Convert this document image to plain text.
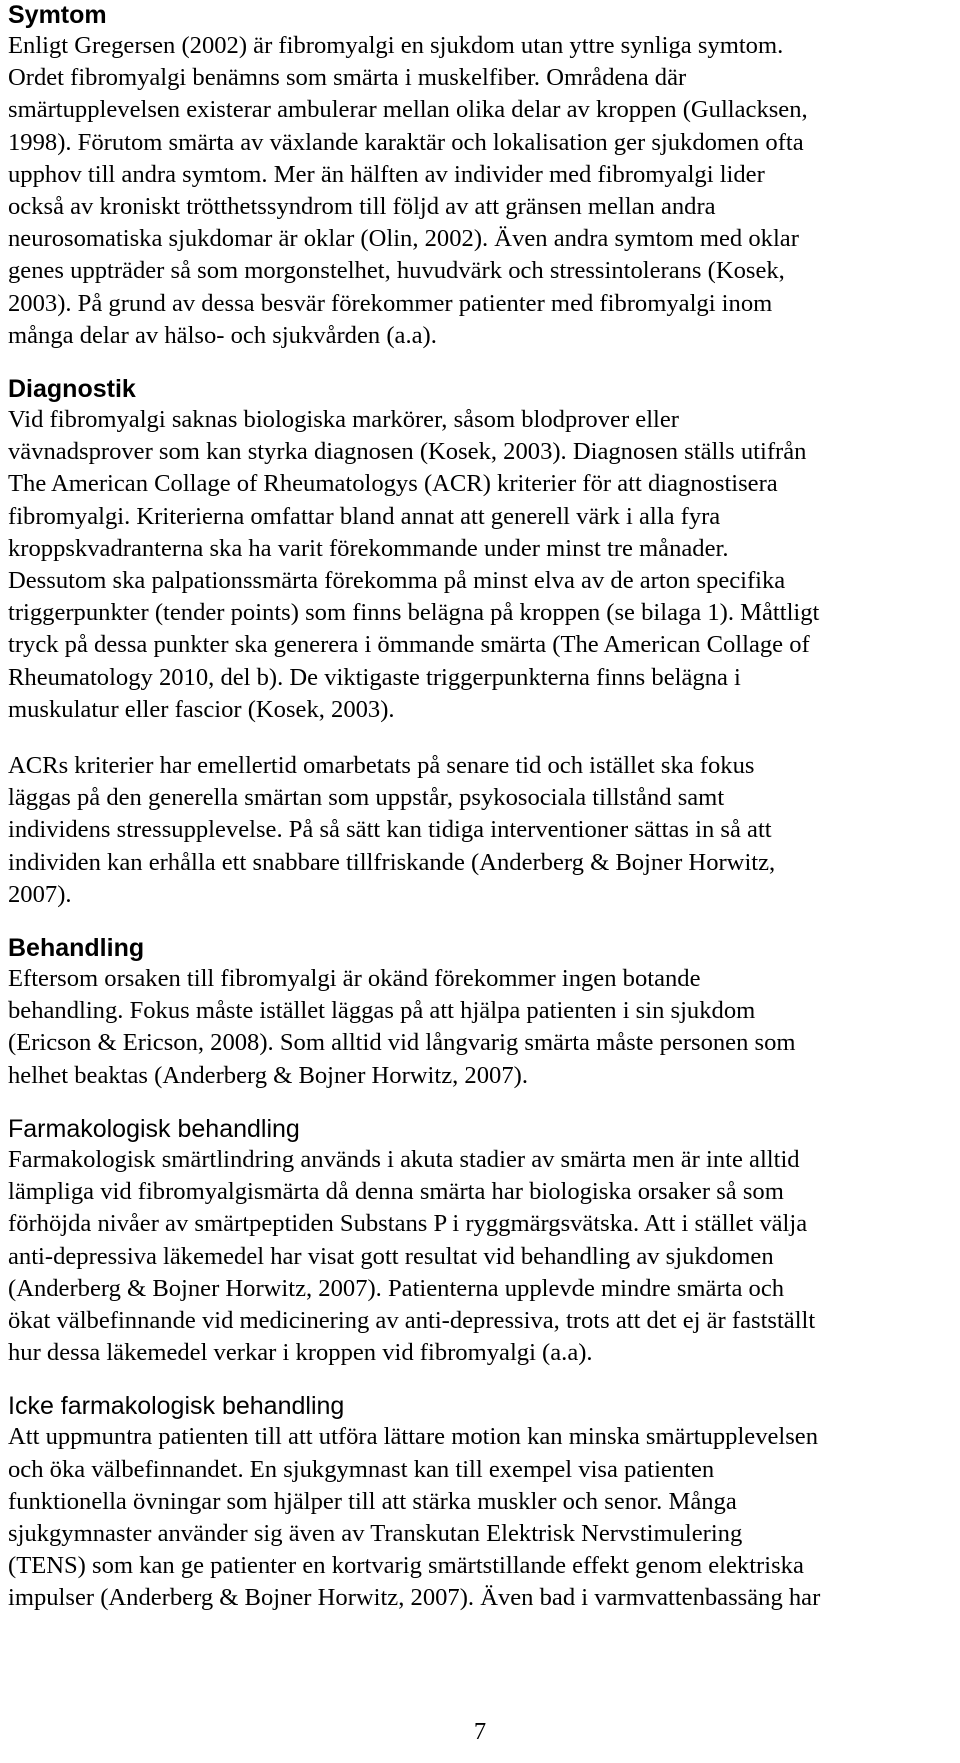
Symtom

Enligt Gregersen (2002) är fibromyalgi en sjukdom utan yttre synliga symtom.
Ordet fibromyalgi benämns som smärta i muskelfiber. Områdena där
smärtupplevelsen existerar ambulerar mellan olika delar av kroppen (Gullacksen,
1998). Förutom smärta av växlande karaktär och lokalisation ger sjukdomen ofta
upphov till andra symtom. Mer än hälften av individer med fibromyalgi lider
också av kroniskt trötthetssyndrom till följd av att gränsen mellan andra
neurosomatiska sjukdomar är oklar (Olin, 2002). Även andra symtom med oklar
genes uppträder så som morgonstelhet, huvudvärk och stressintolerans (Kosek,
2003). På grund av dessa besvär förekommer patienter med fibromyalgi inom
många delar av hälso- och sjukvården (a.a).

Diagnostik

Vid fibromyalgi saknas biologiska markörer, såsom blodprover eller
vävnadsprover som kan styrka diagnosen (Kosek, 2003). Diagnosen ställs utifrån
The American Collage of Rheumatologys (ACR) kriterier för att diagnostisera
fibromyalgi. Kriterierna omfattar bland annat att generell värk i alla fyra
kroppskvadranterna ska ha varit förekommande under minst tre månader.
Dessutom ska palpationssmärta förekomma på minst elva av de arton specifika
triggerpunkter (tender points) som finns belägna på kroppen (se bilaga 1). Måttligt
tryck på dessa punkter ska generera i ömmande smärta (The American Collage of
Rheumatology 2010, del b). De viktigaste triggerpunkterna finns belägna i
muskulatur eller fascior (Kosek, 2003).

ACRs kriterier har emellertid omarbetats på senare tid och istället ska fokus
läggas på den generella smärtan som uppstår, psykosociala tillstånd samt
individens stressupplevelse. På så sätt kan tidiga interventioner sättas in så att
individen kan erhålla ett snabbare tillfriskande (Anderberg & Bojner Horwitz,
2007).

Behandling

Eftersom orsaken till fibromyalgi är okänd förekommer ingen botande
behandling. Fokus måste istället läggas på att hjälpa patienten i sin sjukdom
(Ericson & Ericson, 2008). Som alltid vid långvarig smärta måste personen som
helhet beaktas (Anderberg & Bojner Horwitz, 2007).

Farmakologisk behandling

Farmakologisk smärtlindring används i akuta stadier av smärta men är inte alltid
lämpliga vid fibromyalgismärta då denna smärta har biologiska orsaker så som
förhöjda nivåer av smärtpeptiden Substans P i ryggmärgsvätska. Att i stället välja
anti-depressiva läkemedel har visat gott resultat vid behandling av sjukdomen
(Anderberg & Bojner Horwitz, 2007). Patienterna upplevde mindre smärta och
ökat välbefinnande vid medicinering av anti-depressiva, trots att det ej är fastställt
hur dessa läkemedel verkar i kroppen vid fibromyalgi (a.a).

Icke farmakologisk behandling

Att uppmuntra patienten till att utföra lättare motion kan minska smärtupplevelsen
och öka välbefinnandet. En sjukgymnast kan till exempel visa patienten
funktionella övningar som hjälper till att stärka muskler och senor. Många
sjukgymnaster använder sig även av Transkutan Elektrisk Nervstimulering
(TENS) som kan ge patienter en kortvarig smärtstillande effekt genom elektriska
impulser (Anderberg & Bojner Horwitz, 2007). Även bad i varmvattenbassäng har

7
